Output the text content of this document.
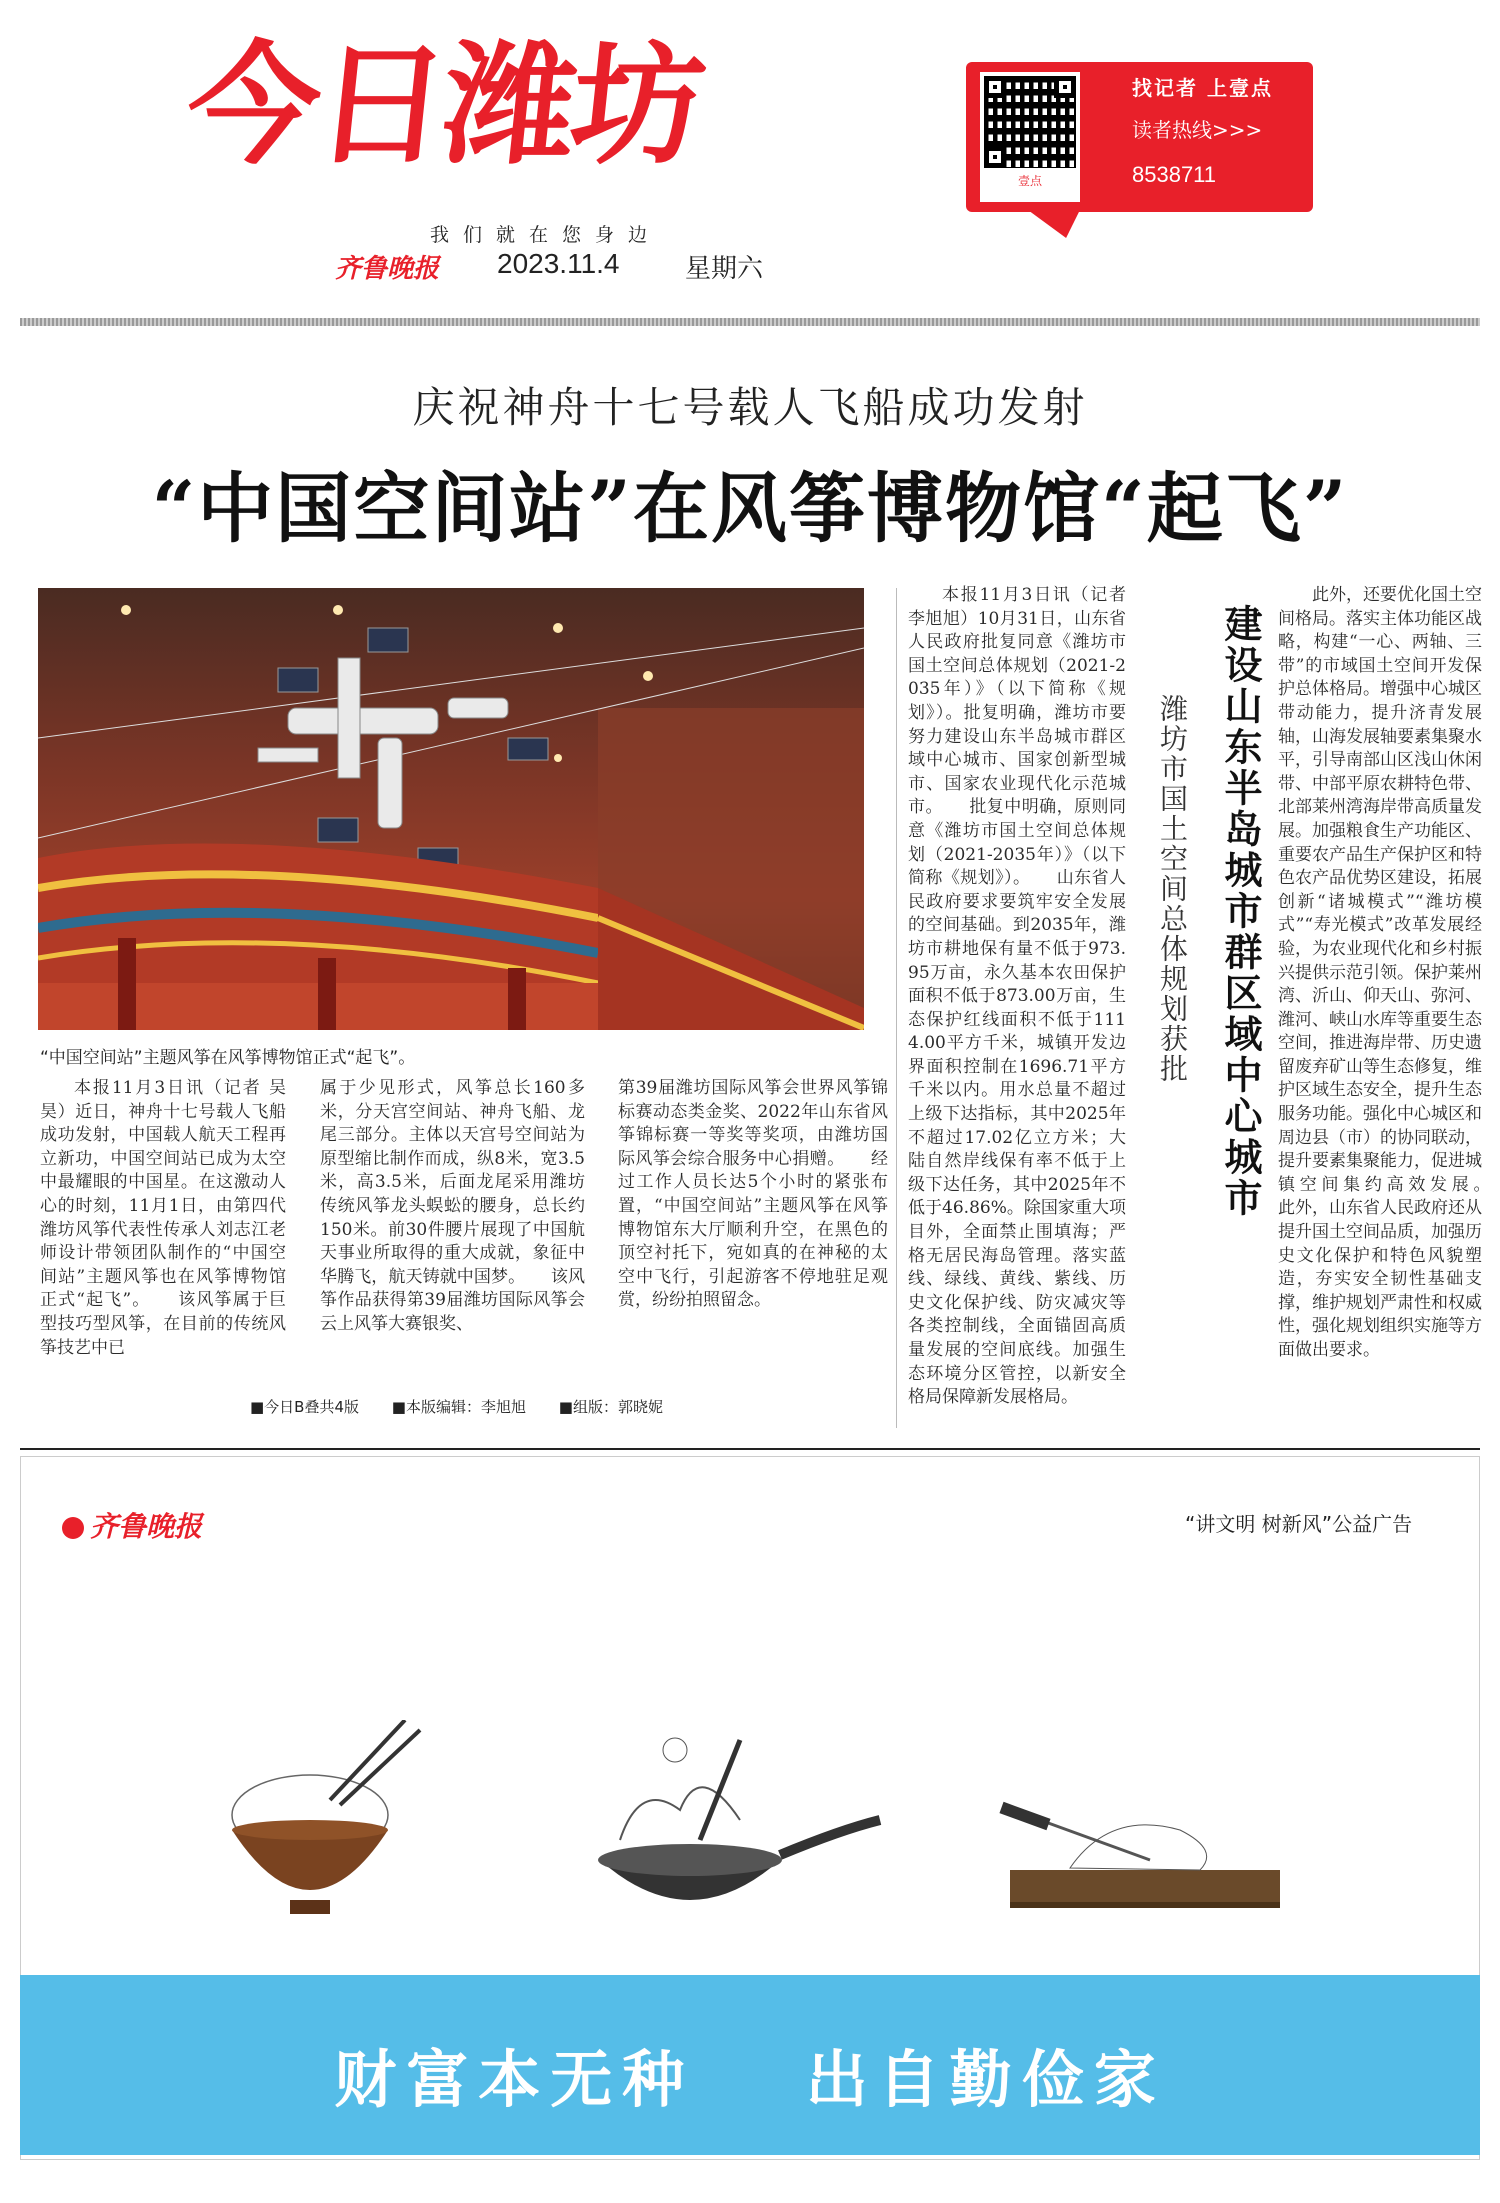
今日潍坊
我们就在您身边
齐鲁晚报 2023.11.4	星期六
壹点
找记者 上壹点
读者热线>>>
8538711
庆祝神舟十七号载人飞船成功发射
“中国空间站”在风筝博物馆“起飞”
“中国空间站”主题风筝在风筝博物馆正式“起飞”。

本报11月3日讯（记者 吴昊）近日，神舟十七号载人飞船成功发射，中国载人航天工程再立新功，中国空间站已成为太空中最耀眼的中国星。在这激动人心的时刻，11月1日，由第四代潍坊风筝代表性传承人刘志江老师设计带领团队制作的“中国空间站”主题风筝也在风筝博物馆正式“起飞”。　　该风筝属于巨型技巧型风筝，在目前的传统风筝技艺中已

属于少见形式，风筝总长160多米，分天宫空间站、神舟飞船、龙尾三部分。主体以天宫号空间站为原型缩比制作而成，纵8米，宽3.5米，高3.5米，后面龙尾采用潍坊传统风筝龙头蜈蚣的腰身，总长约150米。前30件腰片展现了中国航天事业所取得的重大成就，象征中华腾飞，航天铸就中国梦。　　该风筝作品获得第39届潍坊国际风筝会云上风筝大赛银奖、

第39届潍坊国际风筝会世界风筝锦标赛动态类金奖、2022年山东省风筝锦标赛一等奖等奖项，由潍坊国际风筝会综合服务中心捐赠。　　经过工作人员长达5个小时的紧张布置，“中国空间站”主题风筝在风筝博物馆东大厅顺利升空，在黑色的顶空衬托下，宛如真的在神秘的太空中飞行，引起游客不停地驻足观赏，纷纷拍照留念。

■今日B叠共4版 ■本版编辑：李旭旭 ■组版：郭晓妮

本报11月3日讯（记者李旭旭）10月31日，山东省人民政府批复同意《潍坊市国土空间总体规划（2021-2035年）》（以下简称《规划》）。批复明确，潍坊市要努力建设山东半岛城市群区域中心城市、国家创新型城市、国家农业现代化示范城市。　　批复中明确，原则同意《潍坊市国土空间总体规划（2021-2035年）》（以下简称《规划》）。　　山东省人民政府要求要筑牢安全发展的空间基础。到2035年，潍坊市耕地保有量不低于973.95万亩，永久基本农田保护面积不低于873.00万亩，生态保护红线面积不低于1114.00平方千米，城镇开发边界面积控制在1696.71平方千米以内。用水总量不超过上级下达指标，其中2025年不超过17.02亿立方米；大陆自然岸线保有率不低于上级下达任务，其中2025年不低于46.86%。除国家重大项目外，全面禁止围填海；严格无居民海岛管理。落实蓝线、绿线、黄线、紫线、历史文化保护线、防灾减灾等各类控制线，全面锚固高质量发展的空间底线。加强生态环境分区管控，以新安全格局保障新发展格局。

潍坊市国土空间总体规划获批 建设山东半岛城市群区域中心城市

此外，还要优化国土空间格局。落实主体功能区战略，构建“一心、两轴、三带”的市域国土空间开发保护总体格局。增强中心城区带动能力，提升济青发展轴，山海发展轴要素集聚水平，引导南部山区浅山休闲带、中部平原农耕特色带、北部莱州湾海岸带高质量发展。加强粮食生产功能区、重要农产品生产保护区和特色农产品优势区建设，拓展创新“诸城模式”“潍坊模式”“寿光模式”改革发展经验，为农业现代化和乡村振兴提供示范引领。保护莱州湾、沂山、仰天山、弥河、潍河、峡山水库等重要生态空间，推进海岸带、历史遗留废弃矿山等生态修复，维护区域生态安全，提升生态服务功能。强化中心城区和周边县（市）的协同联动，提升要素集聚能力，促进城镇空间集约高效发展。　　此外，山东省人民政府还从提升国土空间品质，加强历史文化保护和特色风貌塑造，夯实安全韧性基础支撑，维护规划严肃性和权威性，强化规划组织实施等方面做出要求。

齐鲁晚报	“讲文明 树新风”公益广告
财富本无种 出自勤俭家
